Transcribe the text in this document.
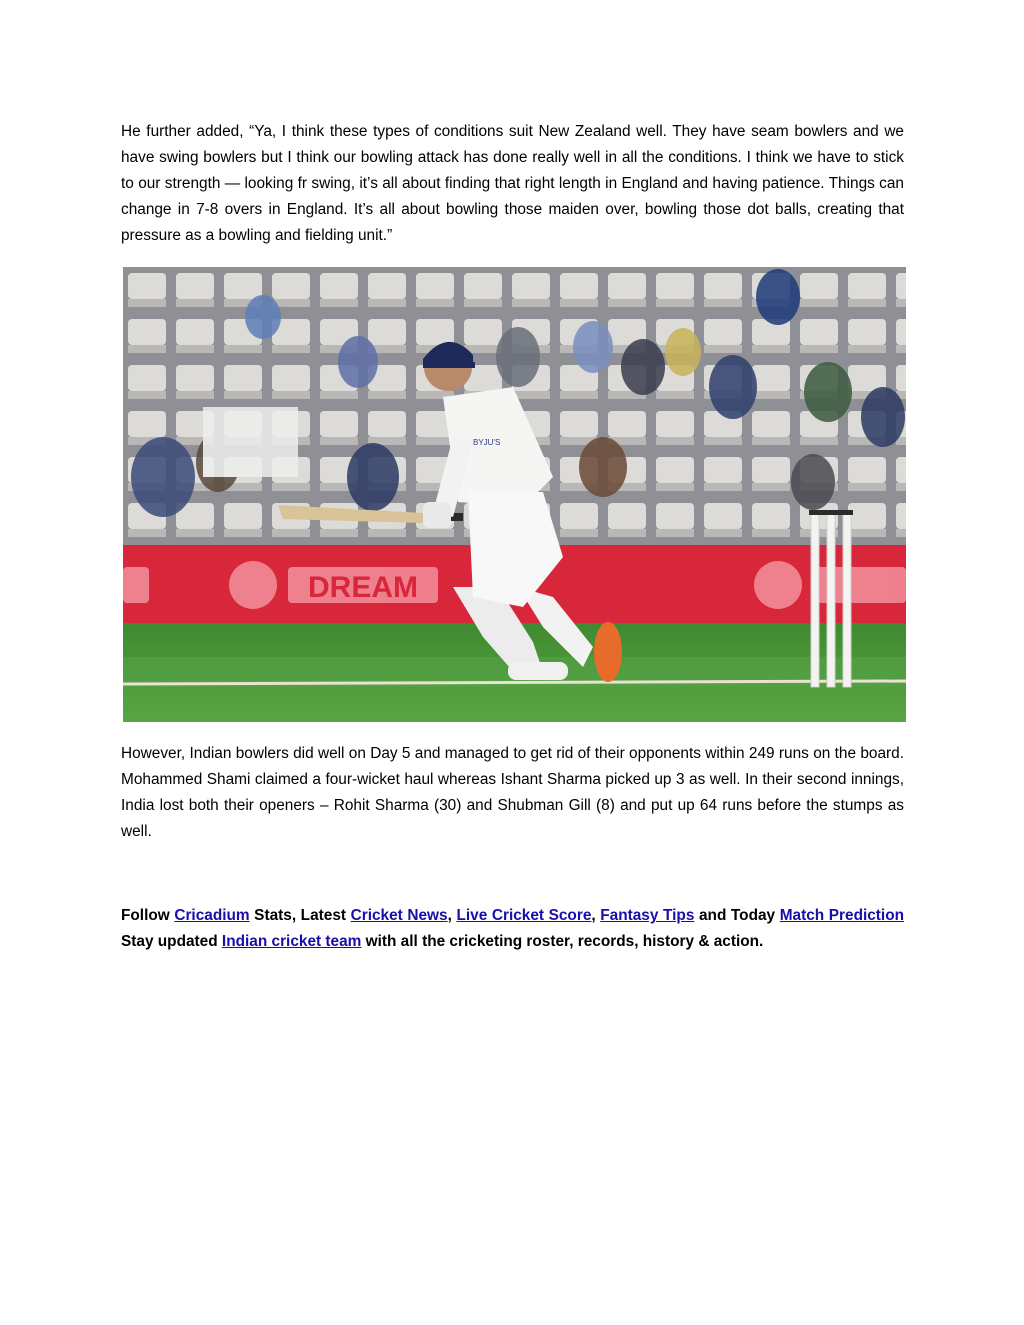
He further added, “Ya, I think these types of conditions suit New Zealand well. They have seam bowlers and we have swing bowlers but I think our bowling attack has done really well in all the conditions. I think we have to stick to our strength — looking fr swing, it’s all about finding that right length in England and having patience. Things can change in 7-8 overs in England. It’s all about bowling those maiden over, bowling those dot balls, creating that pressure as a bowling and fielding unit.”

DREAM
BYJU'S

However, Indian bowlers did well on Day 5 and managed to get rid of their opponents within 249 runs on the board. Mohammed Shami claimed a four-wicket haul whereas Ishant Sharma picked up 3 as well. In their second innings, India lost both their openers – Rohit Sharma (30) and Shubman Gill (8) and put up 64 runs before the stumps as well.

Follow Cricadium Stats, Latest Cricket News, Live Cricket Score, Fantasy Tips and Today Match Prediction Stay updated Indian cricket team with all the cricketing roster, records, history & action.
